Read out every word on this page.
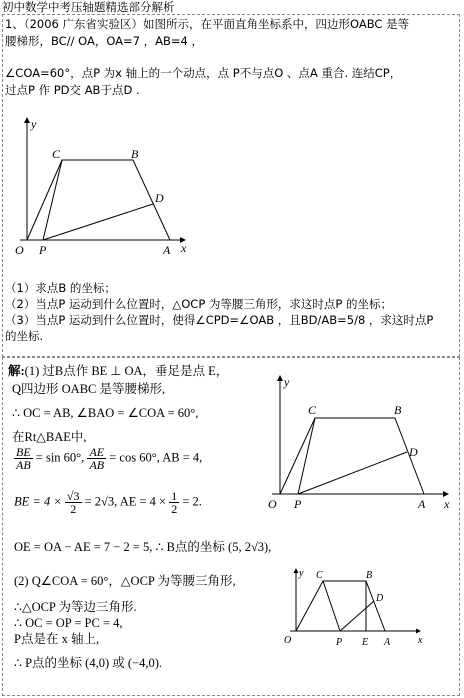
初中数学中考压轴题精选部分解析
1、（2006 广东省实验区）如图所示，在平面直角坐标系中，四边形OABC 是等
腰梯形，BC// OA，OA=7 ，AB=4 ，
∠COA=60°，点P 为x 轴上的一个动点，点 P不与点O 、点A 重合. 连结CP，
过点P 作 PD交 AB于点D .
y
x
O P	A
C	B
D
（1）求点B 的坐标；
（2）当点P 运动到什么位置时，△OCP 为等腰三角形，求这时点P 的坐标；
（3）当点P 运动到什么位置时，使得∠CPD=∠OAB ，且BD/AB=5/8 ，求这时点P
的坐标.
解:(1) 过B点作 BE ⊥ OA，垂足是点 E，
Q四边形 OABC 是等腰梯形,
∴ OC = AB, ∠BAO = ∠COA = 60°,
在Rt△BAE中,
$\frac{BE}{AB} = \sin 60^\circ$, $\frac{AE}{AB} = \cos 60^\circ$, AB = 4,
BE = $4 \times \frac{√3}{2} = 2√3$, AE = $4 \times \frac{1}{2} = 2$.
OE = OA − AE = 7 − 2 = 5, ∴ B点的坐标 (5, 2√3),
(2) Q∠COA = 60°，△OCP 为等腰三角形,
∴△OCP 为等边三角形.
∴ OC = OP = PC = 4,
P点是在 x 轴上,
∴ P点的坐标 (4,0) 或 (−4,0).
y
x
O P	A
C	B
D
y
x
O	P E A
C	B
D
